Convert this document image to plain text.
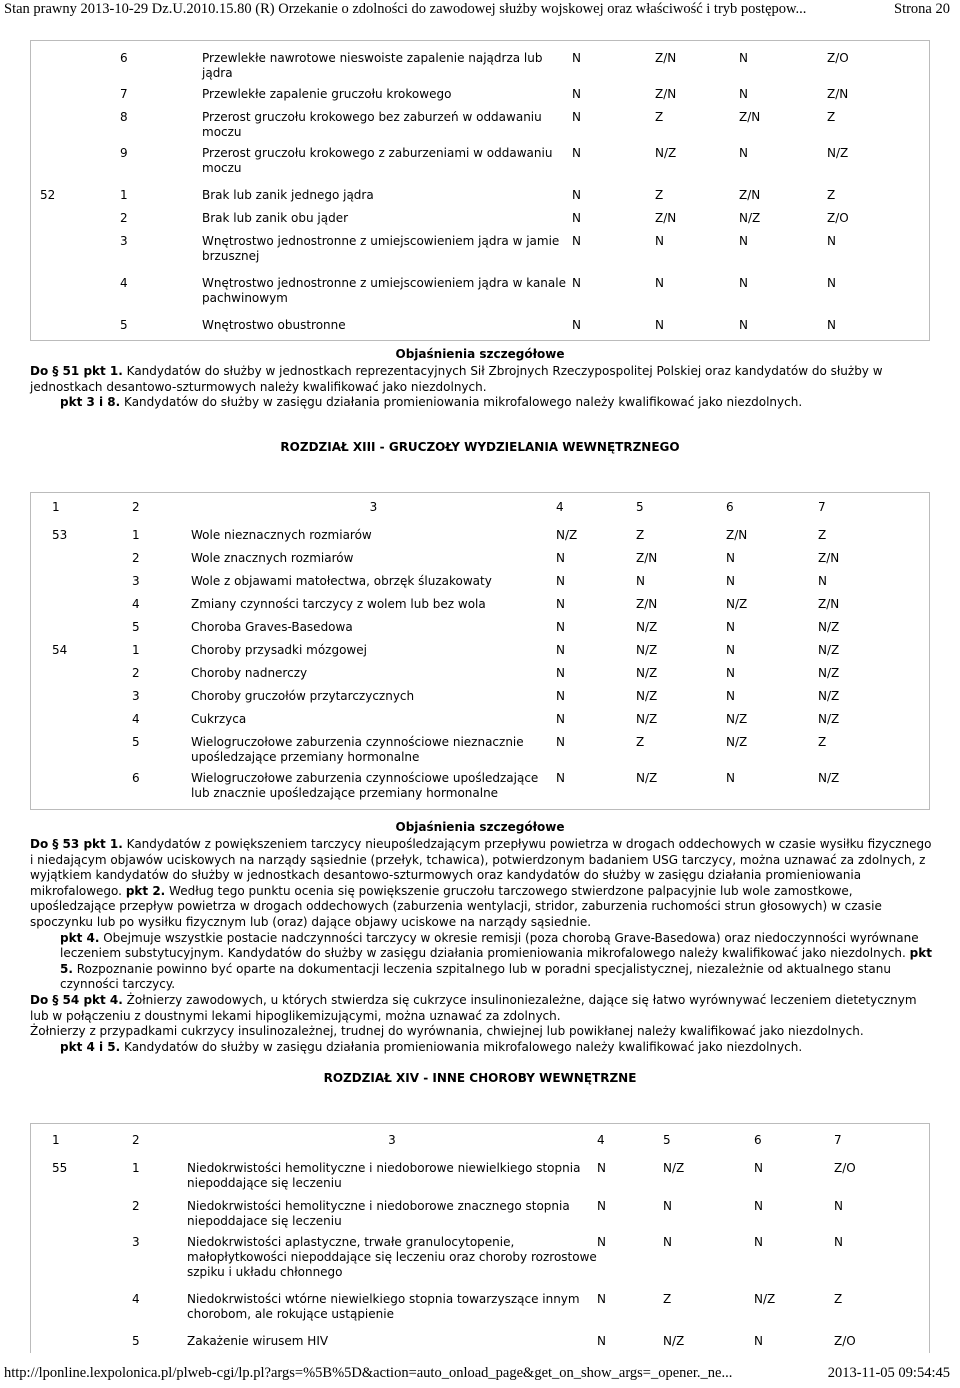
Stan prawny 2013-10-29 Dz.U.2010.15.80 (R) Orzekanie o zdolności do zawodowej służby wojskowej oraz właściwość i tryb postępow...	Strona 20
	6	Przewlekłe nawrotowe nieswoiste zapalenie najądrza lub jądra	N	Z/N	N	Z/O
	7	Przewlekłe zapalenie gruczołu krokowego	N	Z/N	N	Z/N
	8	Przerost gruczołu krokowego bez zaburzeń w oddawaniu moczu	N	Z	Z/N	Z
	9	Przerost gruczołu krokowego z zaburzeniami w oddawaniu moczu	N	N/Z	N	N/Z
52	1	Brak lub zanik jednego jądra	N	Z	Z/N	Z
	2	Brak lub zanik obu jąder	N	Z/N	N/Z	Z/O
	3	Wnętrostwo jednostronne z umiejscowieniem jądra w jamie brzusznej	N	N	N	N
	4	Wnętrostwo jednostronne z umiejscowieniem jądra w kanale pachwinowym	N	N	N	N
	5	Wnętrostwo obustronne	N	N	N	N
Objaśnienia szczegółowe

Do § 51 pkt 1. Kandydatów do służby w jednostkach reprezentacyjnych Sił Zbrojnych Rzeczypospolitej Polskiej oraz kandydatów do służby w jednostkach desantowo-szturmowych należy kwalifikować jako niezdolnych.

pkt 3 i 8. Kandydatów do służby w zasięgu działania promieniowania mikrofalowego należy kwalifikować jako niezdolnych.

ROZDZIAŁ XIII - GRUCZOŁY WYDZIELANIA WEWNĘTRZNEGO
1	2	3	4	5	6	7
53	1	Wole nieznacznych rozmiarów	N/Z	Z	Z/N	Z
	2	Wole znacznych rozmiarów	N	Z/N	N	Z/N
	3	Wole z objawami matołectwa, obrzęk śluzakowaty	N	N	N	N
	4	Zmiany czynności tarczycy z wolem lub bez wola	N	Z/N	N/Z	Z/N
	5	Choroba Graves-Basedowa	N	N/Z	N	N/Z
54	1	Choroby przysadki mózgowej	N	N/Z	N	N/Z
	2	Choroby nadnerczy	N	N/Z	N	N/Z
	3	Choroby gruczołów przytarczycznych	N	N/Z	N	N/Z
	4	Cukrzyca	N	N/Z	N/Z	N/Z
	5	Wielogruczołowe zaburzenia czynnościowe nieznacznie upośledzające przemiany hormonalne	N	Z	N/Z	Z
	6	Wielogruczołowe zaburzenia czynnościowe upośledzające lub znacznie upośledzające przemiany hormonalne	N	N/Z	N	N/Z
Objaśnienia szczegółowe

Do § 53 pkt 1. Kandydatów z powiększeniem tarczycy nieupośledzającym przepływu powietrza w drogach oddechowych w czasie wysiłku fizycznego i niedającym objawów uciskowych na narządy sąsiednie (przełyk, tchawica), potwierdzonym badaniem USG tarczycy, można uznawać za zdolnych, z wyjątkiem kandydatów do służby w jednostkach desantowo-szturmowych oraz kandydatów do służby w zasięgu działania promieniowania mikrofalowego. pkt 2. Według tego punktu ocenia się powiększenie gruczołu tarczowego stwierdzone palpacyjnie lub wole zamostkowe, upośledzające przepływ powietrza w drogach oddechowych (zaburzenia wentylacji, stridor, zaburzenia ruchomości strun głosowych) w czasie spoczynku lub po wysiłku fizycznym lub (oraz) dające objawy uciskowe na narządy sąsiednie.

pkt 4. Obejmuje wszystkie postacie nadczynności tarczycy w okresie remisji (poza chorobą Grave-Basedowa) oraz niedoczynności wyrównane leczeniem substytucyjnym. Kandydatów do służby w zasięgu działania promieniowania mikrofalowego należy kwalifikować jako niezdolnych. pkt 5. Rozpoznanie powinno być oparte na dokumentacji leczenia szpitalnego lub w poradni specjalistycznej, niezależnie od aktualnego stanu czynności tarczycy.

Do § 54 pkt 4. Żołnierzy zawodowych, u których stwierdza się cukrzyce insulinoniezależne, dające się łatwo wyrównywać leczeniem dietetycznym lub w połączeniu z doustnymi lekami hipoglikemizującymi, można uznawać za zdolnych.

Żołnierzy z przypadkami cukrzycy insulinozależnej, trudnej do wyrównania, chwiejnej lub powikłanej należy kwalifikować jako niezdolnych.

pkt 4 i 5. Kandydatów do służby w zasięgu działania promieniowania mikrofalowego należy kwalifikować jako niezdolnych.

ROZDZIAŁ XIV - INNE CHOROBY WEWNĘTRZNE
1	2	3	4	5	6	7
55	1	Niedokrwistości hemolityczne i niedoborowe niewielkiego stopnia niepoddające się leczeniu	N	N/Z	N	Z/O
	2	Niedokrwistości hemolityczne i niedoborowe znacznego stopnia niepoddajace się leczeniu	N	N	N	N
	3	Niedokrwistości aplastyczne, trwałe granulocytopenie, małopłytkowości niepoddające się leczeniu oraz choroby rozrostowe szpiku i układu chłonnego	N	N	N	N
	4	Niedokrwistości wtórne niewielkiego stopnia towarzyszące innym chorobom, ale rokujące ustąpienie	N	Z	N/Z	Z
	5	Zakażenie wirusem HIV	N	N/Z	N	Z/O
http://lponline.lexpolonica.pl/plweb-cgi/lp.pl?args=%5B%5D&action=auto_onload_page&get_on_show_args=_opener._ne...	2013-11-05 09:54:45
